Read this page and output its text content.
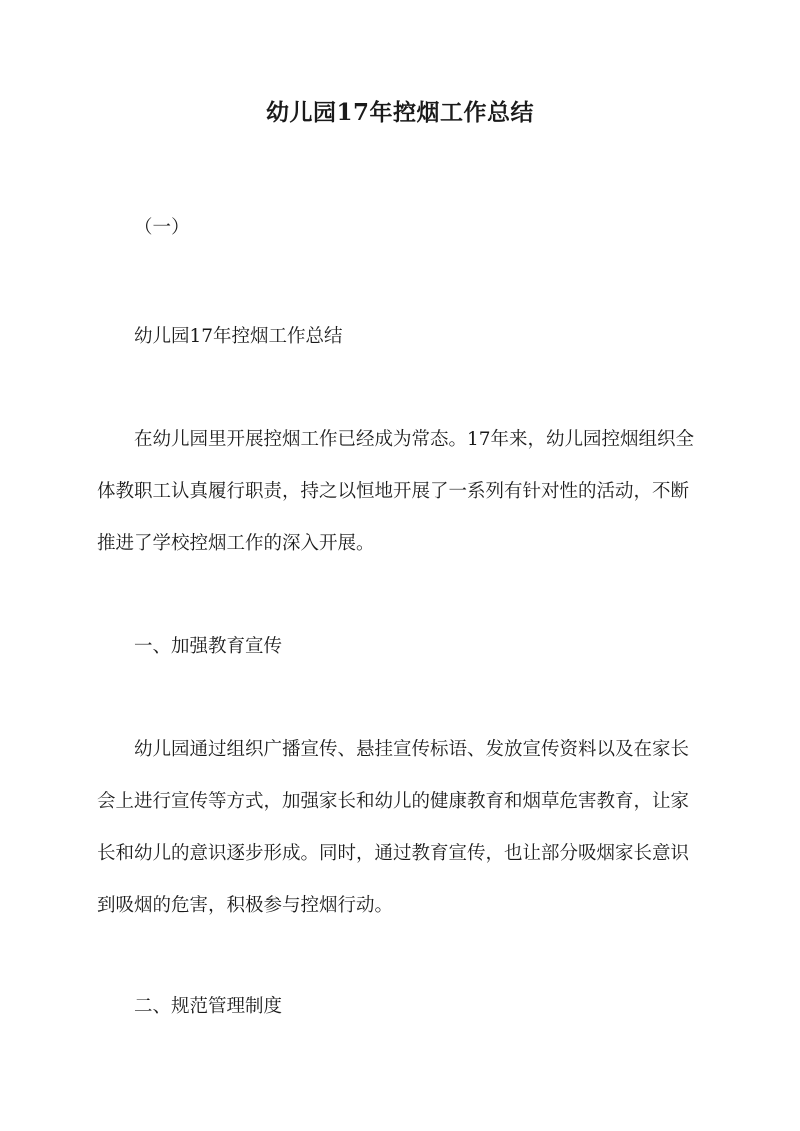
幼儿园17年控烟工作总结
（一）
幼儿园17年控烟工作总结
在幼儿园里开展控烟工作已经成为常态。17年来，幼儿园控烟组织全
体教职工认真履行职责，持之以恒地开展了一系列有针对性的活动，不断
推进了学校控烟工作的深入开展。
一、加强教育宣传
幼儿园通过组织广播宣传、悬挂宣传标语、发放宣传资料以及在家长
会上进行宣传等方式，加强家长和幼儿的健康教育和烟草危害教育，让家
长和幼儿的意识逐步形成。同时，通过教育宣传，也让部分吸烟家长意识
到吸烟的危害，积极参与控烟行动。
二、规范管理制度
